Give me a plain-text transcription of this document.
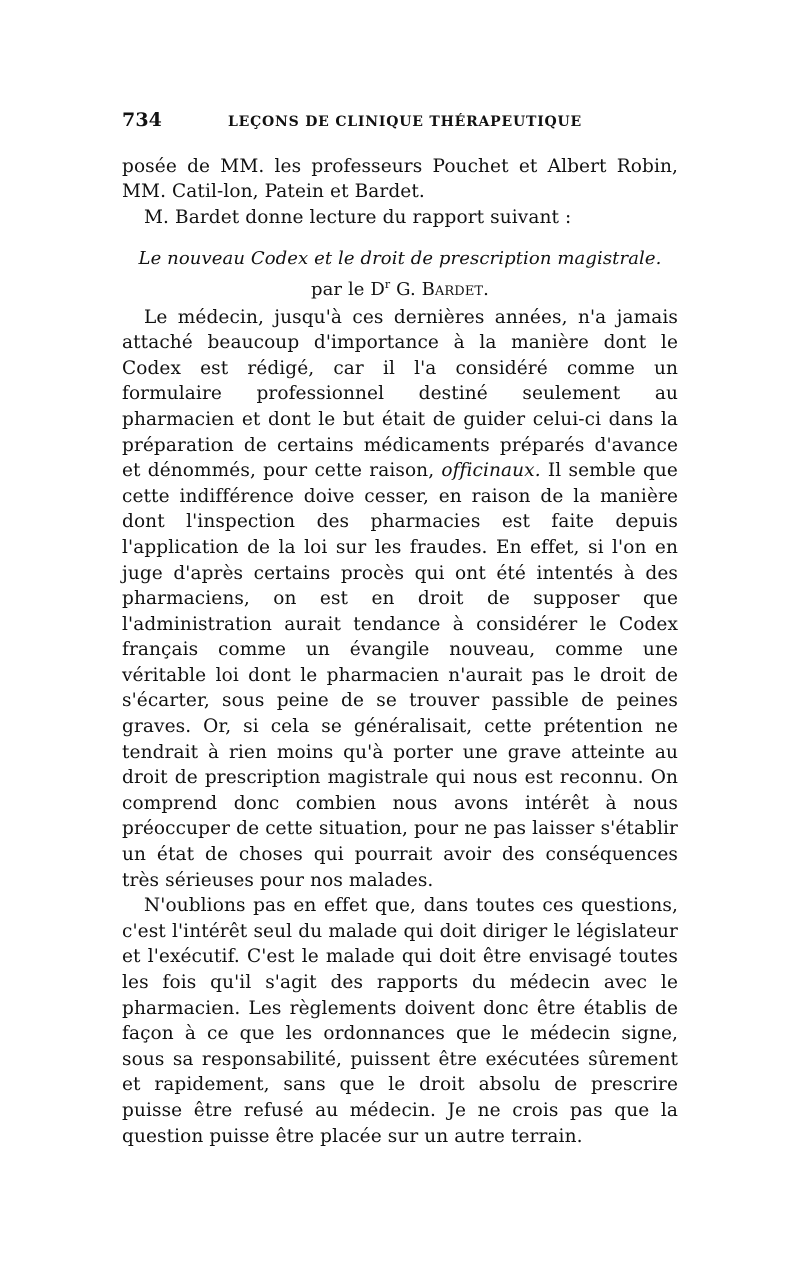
734	LEÇONS DE CLINIQUE THÉRAPEUTIQUE

posée de MM. les professeurs Pouchet et Albert Robin, MM. Catil-lon, Patein et Bardet.

M. Bardet donne lecture du rapport suivant :

Le nouveau Codex et le droit de prescription magistrale.

par le $D^r$ G. Bardet.

Le médecin, jusqu'à ces dernières années, n'a jamais attaché beaucoup d'importance à la manière dont le Codex est rédigé, car il l'a considéré comme un formulaire professionnel destiné seulement au pharmacien et dont le but était de guider celui-ci dans la préparation de certains médicaments préparés d'avance et dénommés, pour cette raison, officinaux. Il semble que cette indifférence doive cesser, en raison de la manière dont l'inspection des pharmacies est faite depuis l'application de la loi sur les fraudes. En effet, si l'on en juge d'après certains procès qui ont été intentés à des pharmaciens, on est en droit de supposer que l'administration aurait tendance à considérer le Codex français comme un évangile nouveau, comme une véritable loi dont le pharmacien n'aurait pas le droit de s'écarter, sous peine de se trouver passible de peines graves. Or, si cela se généralisait, cette prétention ne tendrait à rien moins qu'à porter une grave atteinte au droit de prescription magistrale qui nous est reconnu. On comprend donc combien nous avons intérêt à nous préoccuper de cette situation, pour ne pas laisser s'établir un état de choses qui pourrait avoir des conséquences très sérieuses pour nos malades.

N'oublions pas en effet que, dans toutes ces questions, c'est l'intérêt seul du malade qui doit diriger le législateur et l'exécutif. C'est le malade qui doit être envisagé toutes les fois qu'il s'agit des rapports du médecin avec le pharmacien. Les règlements doivent donc être établis de façon à ce que les ordonnances que le médecin signe, sous sa responsabilité, puissent être exécutées sûrement et rapidement, sans que le droit absolu de prescrire puisse être refusé au médecin. Je ne crois pas que la question puisse être placée sur un autre terrain.
